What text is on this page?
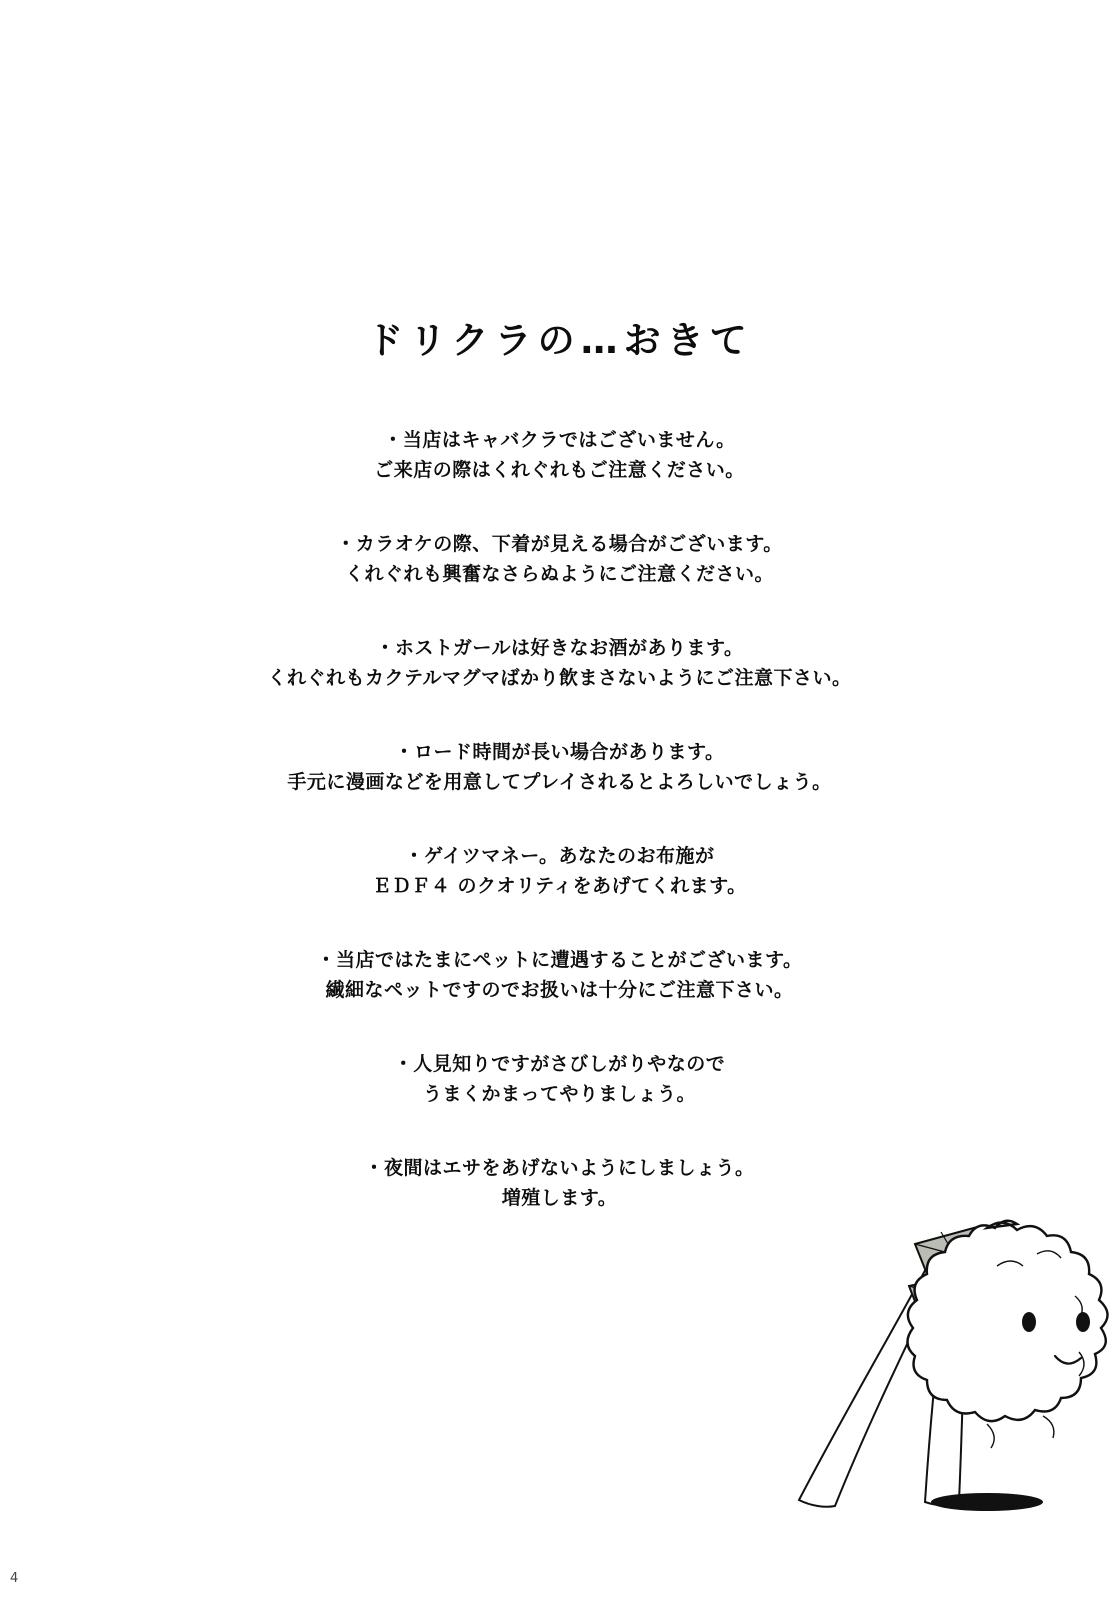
ドリクラの…おきて
・当店はキャバクラではございません。
ご来店の際はくれぐれもご注意ください。
・カラオケの際、下着が見える場合がございます。
くれぐれも興奮なさらぬようにご注意ください。
・ホストガールは好きなお酒があります。
くれぐれもカクテルマグマばかり飲まさないようにご注意下さい。
・ロード時間が長い場合があります。
手元に漫画などを用意してプレイされるとよろしいでしょう。
・ゲイツマネー。あなたのお布施が
ＥＤＦ４ のクオリティをあげてくれます。
・当店ではたまにペットに遭遇することがございます。
繊細なペットですのでお扱いは十分にご注意下さい。
・人見知りですがさびしがりやなので
うまくかまってやりましょう。
・夜間はエサをあげないようにしましょう。
増殖します。
4
